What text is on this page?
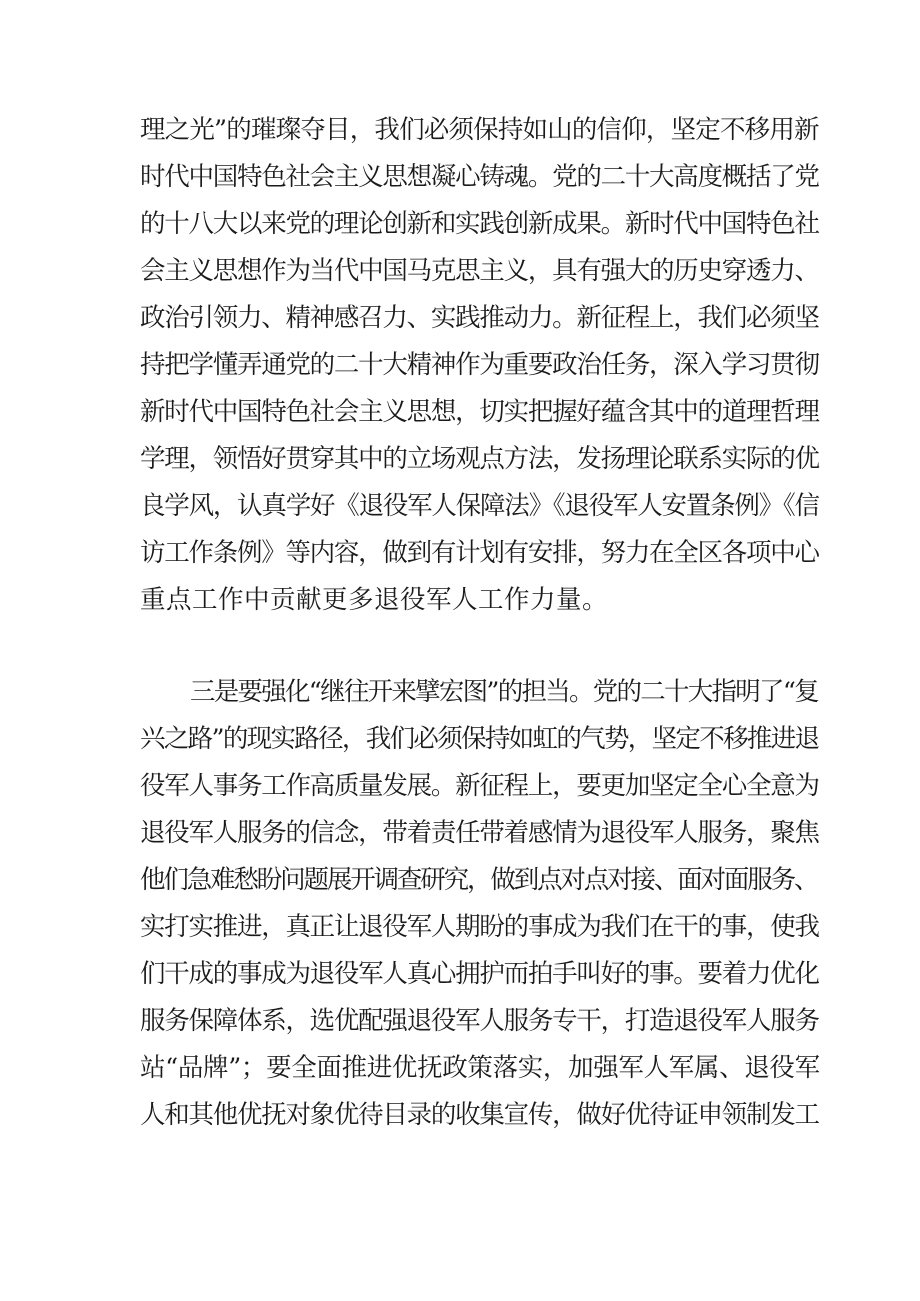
理之光”的璀璨夺目，我们必须保持如山的信仰，坚定不移用新
时代中国特色社会主义思想凝心铸魂。党的二十大高度概括了党
的十八大以来党的理论创新和实践创新成果。新时代中国特色社
会主义思想作为当代中国马克思主义，具有强大的历史穿透力、
政治引领力、精神感召力、实践推动力。新征程上，我们必须坚
持把学懂弄通党的二十大精神作为重要政治任务，深入学习贯彻
新时代中国特色社会主义思想，切实把握好蕴含其中的道理哲理
学理，领悟好贯穿其中的立场观点方法，发扬理论联系实际的优
良学风，认真学好《退役军人保障法》《退役军人安置条例》《信
访工作条例》等内容，做到有计划有安排，努力在全区各项中心
重点工作中贡献更多退役军人工作力量。
三是要强化“继往开来擘宏图”的担当。党的二十大指明了“复
兴之路”的现实路径，我们必须保持如虹的气势，坚定不移推进退
役军人事务工作高质量发展。新征程上，要更加坚定全心全意为
退役军人服务的信念，带着责任带着感情为退役军人服务，聚焦
他们急难愁盼问题展开调查研究，做到点对点对接、面对面服务、
实打实推进，真正让退役军人期盼的事成为我们在干的事，使我
们干成的事成为退役军人真心拥护而拍手叫好的事。要着力优化
服务保障体系，选优配强退役军人服务专干，打造退役军人服务
站“品牌”；要全面推进优抚政策落实，加强军人军属、退役军
人和其他优抚对象优待目录的收集宣传，做好优待证申领制发工
